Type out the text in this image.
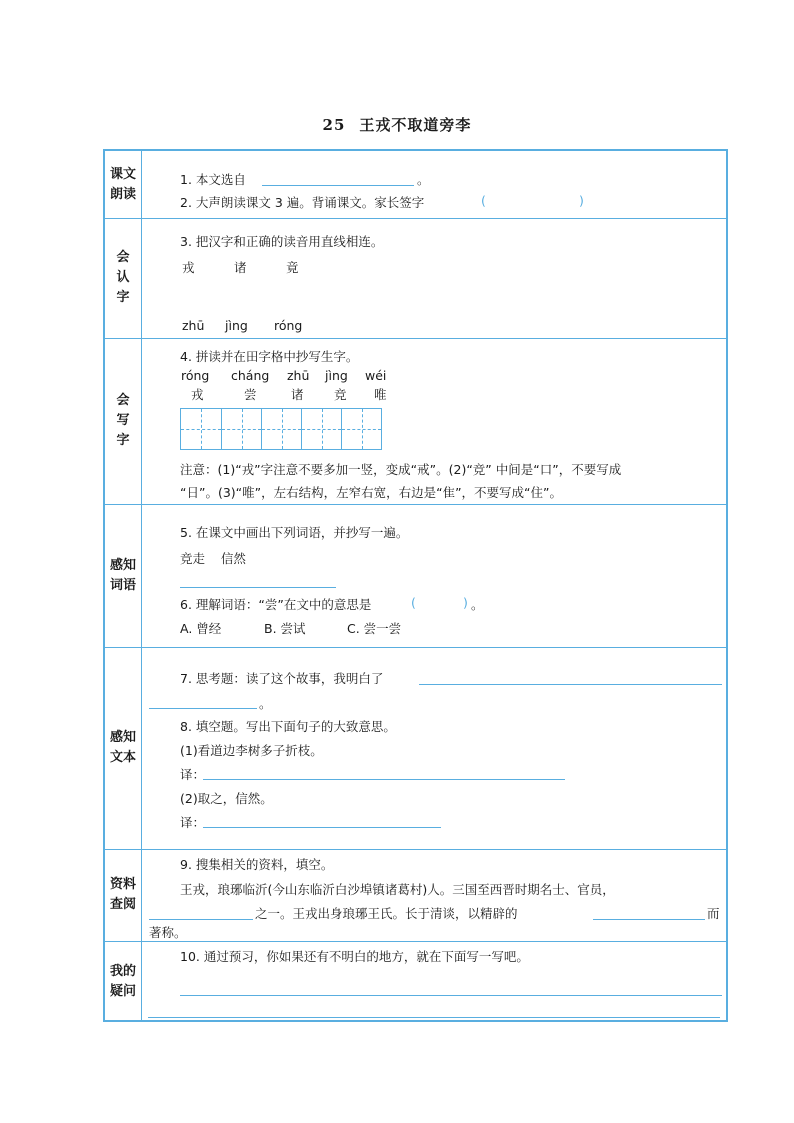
25 王戎不取道旁李
课文
朗读
1. 本文选自	。
2. 大声朗读课文 3 遍。背诵课文。家长签字	(	)
会
认
字
3. 把汉字和正确的读音用直线相连。
戎	诸	竟
zhū jìng róng
会
写
字
4. 拼读并在田字格中抄写生字。
róng cháng zhū jìng wéi
戎	尝	诸 竞 唯
注意：(1)“戎”字注意不要多加一竖，变成“戒”。(2)“竞” 中间是“口”，不要写成
“日”。(3)“唯”，左右结构，左窄右宽，右边是“隹”，不要写成“住”。
感知
词语
5. 在课文中画出下列词语，并抄写一遍。
竞走    信然
6. 理解词语：“尝”在文中的意思是	(	) 。
A. 曾经	B. 尝试	C. 尝一尝
感知
文本
7. 思考题：读了这个故事，我明白了
。
8. 填空题。写出下面句子的大致意思。
(1)看道边李树多子折枝。
译：
(2)取之，信然。
译：
资料
查阅
9. 搜集相关的资料，填空。
王戎，琅琊临沂(今山东临沂白沙埠镇诸葛村)人。三国至西晋时期名士、官员，
之一。王戎出身琅琊王氏。长于清谈，以精辟的	而
著称。
我的
疑问
10. 通过预习，你如果还有不明白的地方，就在下面写一写吧。
